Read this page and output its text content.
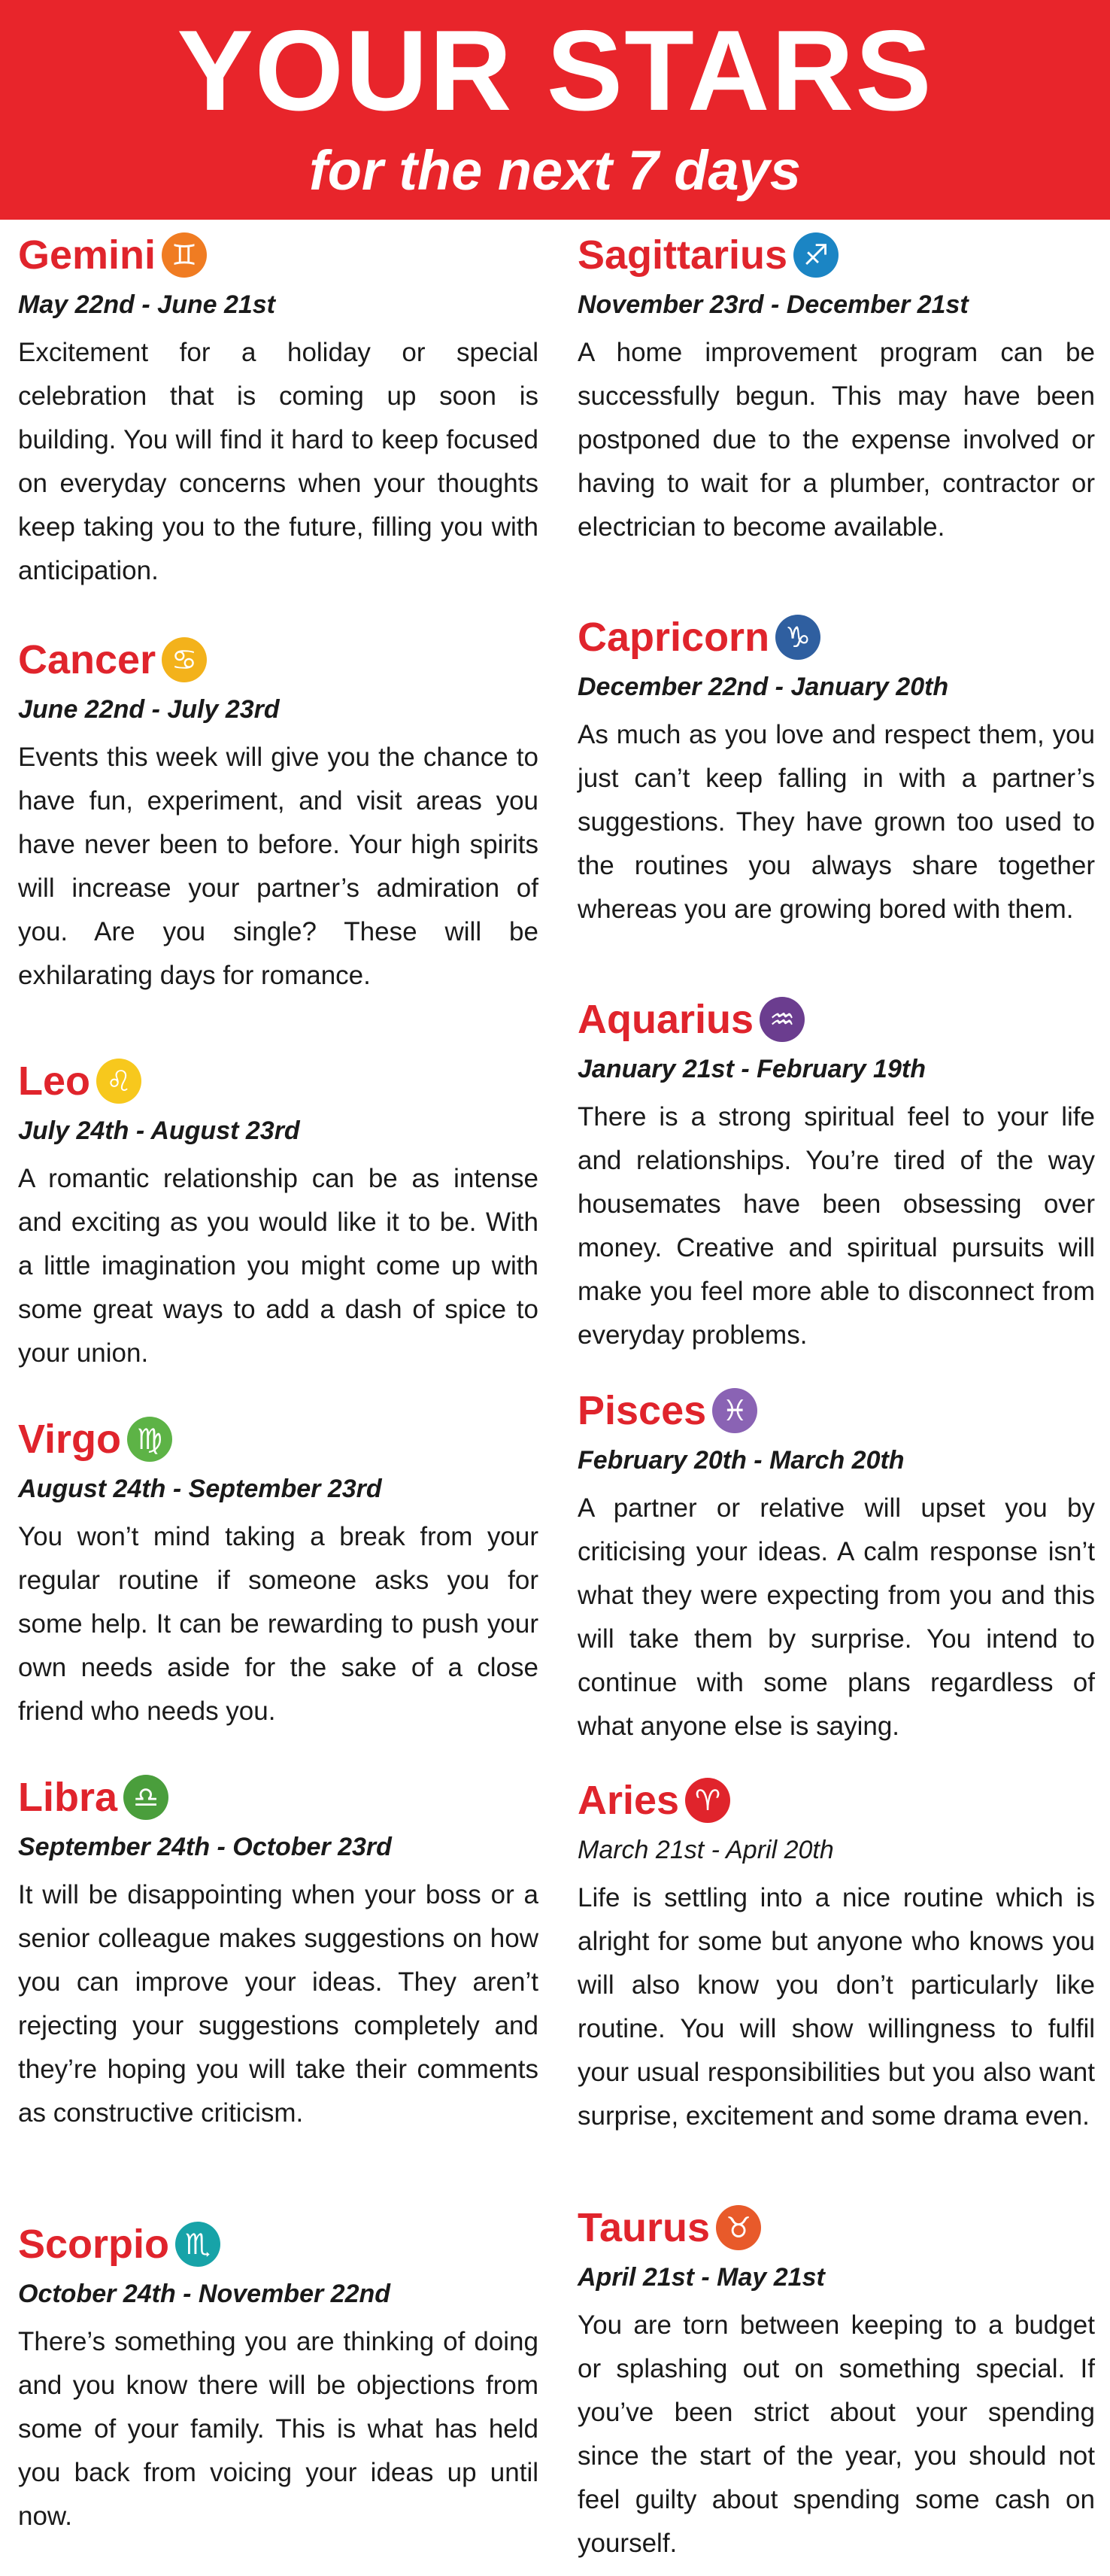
YOUR STARS
for the next 7 days
Gemini ♊
May 22nd - June 21st

Excitement for a holiday or special celebration that is coming up soon is building. You will find it hard to keep focused on everyday concerns when your thoughts keep taking you to the future, filling you with anticipation.

Cancer ♋
June 22nd - July 23rd

Events this week will give you the chance to have fun, experiment, and visit areas you have never been to before. Your high spirits will increase your partner’s admiration of you. Are you single? These will be exhilarating days for romance.

Leo ♌
July 24th - August 23rd

A romantic relationship can be as intense and exciting as you would like it to be. With a little imagination you might come up with some great ways to add a dash of spice to your union.

Virgo ♍
August 24th - September 23rd

You won’t mind taking a break from your regular routine if someone asks you for some help. It can be rewarding to push your own needs aside for the sake of a close friend who needs you.

Libra ♎
September 24th - October 23rd

It will be disappointing when your boss or a senior colleague makes suggestions on how you can improve your ideas. They aren’t rejecting your suggestions completely and they’re hoping you will take their comments as constructive criticism.

Scorpio ♏
October 24th - November 22nd

There’s something you are thinking of doing and you know there will be objections from some of your family. This is what has held you back from voicing your ideas up until now.

Sagittarius ♐
November 23rd - December 21st

A home improvement program can be successfully begun. This may have been postponed due to the expense involved or having to wait for a plumber, contractor or electrician to become available.

Capricorn ♑
December 22nd - January 20th

As much as you love and respect them, you just can’t keep falling in with a partner’s suggestions. They have grown too used to the routines you always share together whereas you are growing bored with them.

Aquarius ♒
January 21st - February 19th

There is a strong spiritual feel to your life and relationships. You’re tired of the way housemates have been obsessing over money. Creative and spiritual pursuits will make you feel more able to disconnect from everyday problems.

Pisces ♓
February 20th - March 20th

A partner or relative will upset you by criticising your ideas. A calm response isn’t what they were expecting from you and this will take them by surprise. You intend to continue with some plans regardless of what anyone else is saying.

Aries ♈
March 21st - April 20th

Life is settling into a nice routine which is alright for some but anyone who knows you will also know you don’t particularly like routine. You will show willingness to fulfil your usual responsibilities but you also want surprise, excitement and some drama even.

Taurus ♉
April 21st - May 21st

You are torn between keeping to a budget or splashing out on something special. If you’ve been strict about your spending since the start of the year, you should not feel guilty about spending some cash on yourself.
